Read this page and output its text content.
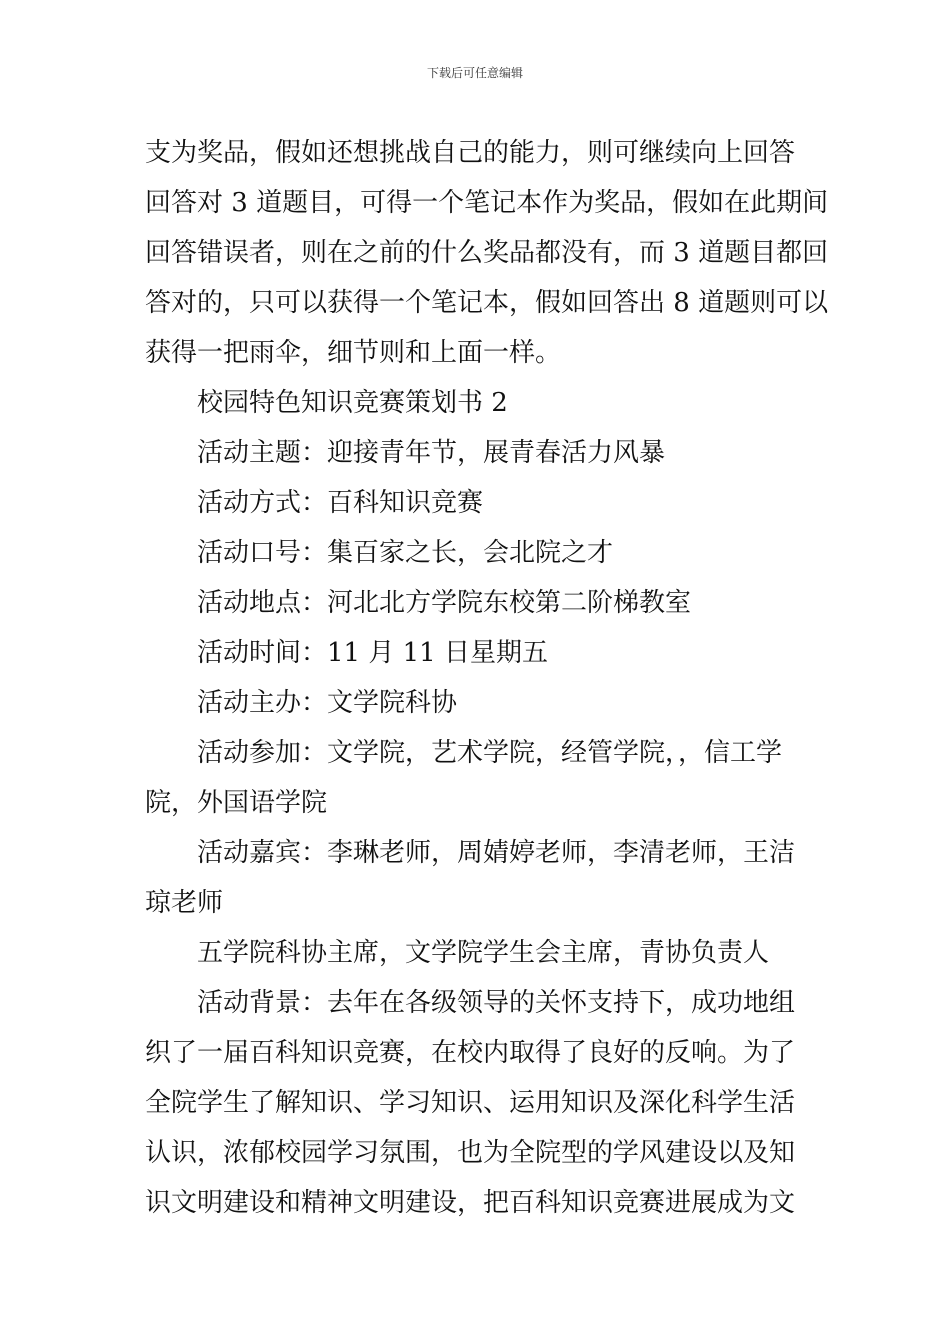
下载后可任意编辑
支为奖品，假如还想挑战自己的能力，则可继续向上回答
回答对 3 道题目，可得一个笔记本作为奖品，假如在此期间
回答错误者，则在之前的什么奖品都没有，而 3 道题目都回
答对的，只可以获得一个笔记本，假如回答出 8 道题则可以
获得一把雨伞，细节则和上面一样。
校园特色知识竞赛策划书 2
活动主题：迎接青年节，展青春活力风暴
活动方式：百科知识竞赛
活动口号：集百家之长，会北院之才
活动地点：河北北方学院东校第二阶梯教室
活动时间：11 月 11 日星期五
活动主办：文学院科协
活动参加：文学院，艺术学院，经管学院，，信工学
院，外国语学院
活动嘉宾：李琳老师，周婧婷老师，李清老师，王洁
琼老师
五学院科协主席，文学院学生会主席，青协负责人
活动背景：去年在各级领导的关怀支持下，成功地组
织了一届百科知识竞赛，在校内取得了良好的反响。为了
全院学生了解知识、学习知识、运用知识及深化科学生活
认识，浓郁校园学习氛围，也为全院型的学风建设以及知
识文明建设和精神文明建设，把百科知识竞赛进展成为文
